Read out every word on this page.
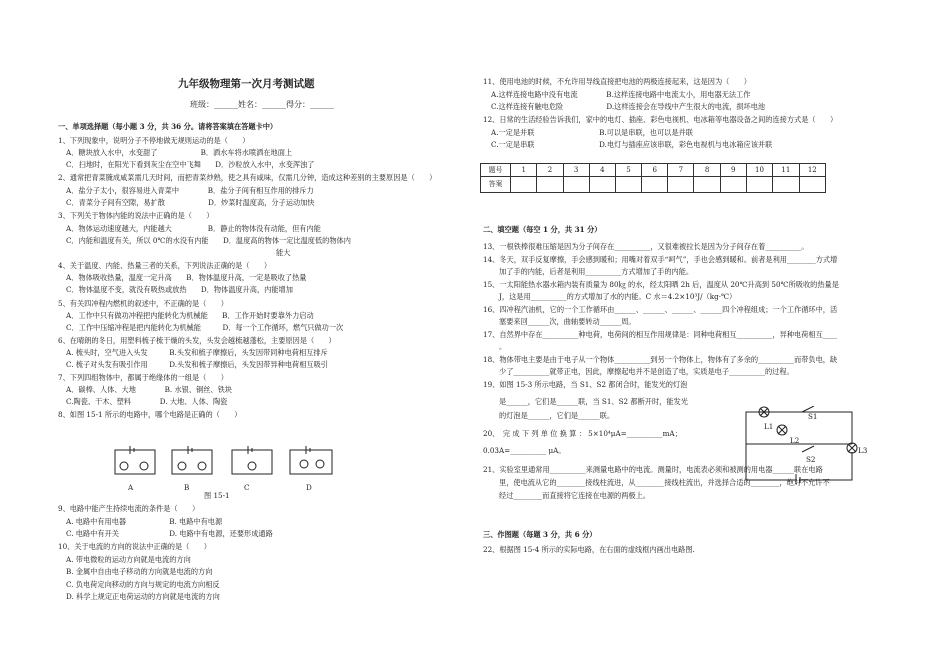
九年级物理第一次月考测试题
班级：______姓名：______得分：______
一、单项选择题（每小题 3 分，共 36 分。请将答案填在答题卡中）
1、下列现象中，说明分子不停地做无规则运动的是（　　）
A．糖块放入水中，水变甜了　　　　　　B．洒水车将水喷洒在地面上
C．扫地时，在阳光下看到灰尘在空中飞舞　　D．沙粒放入水中，水变浑浊了
2、通常把青菜腌成咸菜需几天时间，而把青菜炒熟，使之具有咸味，仅需几分钟，造成这种差别的主要原因是（　　）
A．盐分子太小，很容易进入青菜中　　　　B．盐分子间有相互作用的排斥力
C．青菜分子间有空隙，易扩散　　　　　　D．炒菜时温度高，分子运动加快
3、下列关于物体内能的说法中正确的是（　　）
A．物体运动速度越大，内能越大　　　　　B．静止的物体没有动能，但有内能
C．内能和温度有关，所以 0℃的水没有内能　　D．温度高的物体一定比温度低的物体内
能大
4、关于温度、内能、热量三者的关系，下列说法正确的是（　　）
A．物体吸收热量，温度一定升高　　B．物体温度升高，一定是吸收了热量
C．物体温度不变，就没有吸热或放热　　D．物体温度升高，内能增加
5、有关四冲程内燃机的叙述中，不正确的是（　　）
A．工作中只有做功冲程把内能转化为机械能　　B．工作开始时要靠外力启动
C．工作中压缩冲程是把内能转化为机械能　　　D．每一个工作循环，燃气只做功一次
6、在晴朗的冬日，用塑料梳子梳干燥的头发，头发会越梳越蓬松，主要原因是（　　）
A. 梳头时，空气进入头发　　　B.头发和梳子摩擦后，头发因带同种电荷相互排斥
C. 梳子对头发有吸引作用　　　D.头发和梳子摩擦后，头发因带异种电荷相互吸引
7、下列四组物体中，都属于绝缘体的一组是（　　）
A．碳棒、人体、大地　　　　B. 水银、铜丝、铁块
C.陶瓷、干木、塑料　　　　D. 大地、人体、陶瓷
8、如图 15-1 所示的电路中，哪个电路是正确的（　　）
A	B	C	D
图 15-1
9、电路中能产生持续电流的条件是（　　）
A. 电路中有用电器　　　　　　B. 电路中有电源
C. 电路中有开关　　　　　　　D. 电路中有电源，还要形成通路
10、关于电流的方向的说法中正确的是（　　）
A. 带电微粒的运动方向就是电流的方向
B. 金属中自由电子移动的方向就是电流的方向
C. 负电荷定向移动的方向与规定的电流方向相反
D. 科学上规定正电荷运动的方向就是电流的方向
11、使用电池的时候，不允许用导线直接把电池的两极连接起来，这是因为（　　）
A.这样连接电路中没有电流　　　　B.这样连接电路中电流太小，用电器无法工作
C.这样连接有触电危险　　　　　　D.这样连接会在导线中产生很大的电流，损坏电池
12、日常的生活经验告诉我们，家中的电灯、插座、彩色电视机、电冰箱等电器设备之间的连接方式是（　　）
A.一定是并联　　　　　　　　　B.可以是串联，也可以是并联
C.一定是串联　　　　　　　　　D.电灯与插座应该串联，彩色电视机与电冰箱应该并联
题号	1	2	3	4	5	6	7	8	9	10	11	12
答案												
二、填空题（每空 1 分，共 31 分）
13、一根铁棒很难压缩是因为分子间存在__________，又很难被拉长是因为分子间存在着__________。
14、冬天，双手反复摩擦，手会感到暖和；用嘴对着双手“呵气”，手也会感到暖和。前者是利用________方式增
加了手的内能，后者是利用__________方式增加了手的内能。
15、一太阳能热水器水箱内装有质量为 80㎏ 的水，经太阳晒 2h 后，温度从 20℃升高到 50℃所吸收的热量是
J，这是用__________的方式增加了水的内能。C 水＝4.2×10³J/（kg·℃）
16、四冲程汽油机，它的一个工作循环由______、______、______、______四个冲程组成；一个工作循环中，活
塞要来回______次，曲轴要转动______周。
17、自然界中存在__________种电荷，电荷间的相互作用规律是：同种电荷相互__________，异种电荷相互____
。
18、物体带电主要是由于电子从一个物体__________到另一个物体上，物体有了多余的__________而带负电，缺
少了__________就带正电，因此，摩擦起电并不是创造了电，实质是电子__________的过程。
19、如图 15-3 所示电路，当 S1、S2 都闭合时，能发光的灯泡
是______，它们是______联，当 S1、S2 都断开时，能发光
的灯泡是______，它们是______联。
20、　完 成 下 列 单 位 换 算 ： 5×10⁴μA=__________mA；
0.03A=__________ μA。
21、实验室里通常用__________来测量电路中的电流。测量时，电流表必须和被测的用电器______联在电路
里，使电流从它的________接线柱流进，从________接线柱流出，并选择合适的________，绝对不允许不
经过________而直接将它连接在电源的两极上。
S1
L1
L2
S2
L3
三、作图题（每题 3 分，共 6 分）
22、根据图 15-4 所示的实际电路，在右面的虚线框内画出电路图.
